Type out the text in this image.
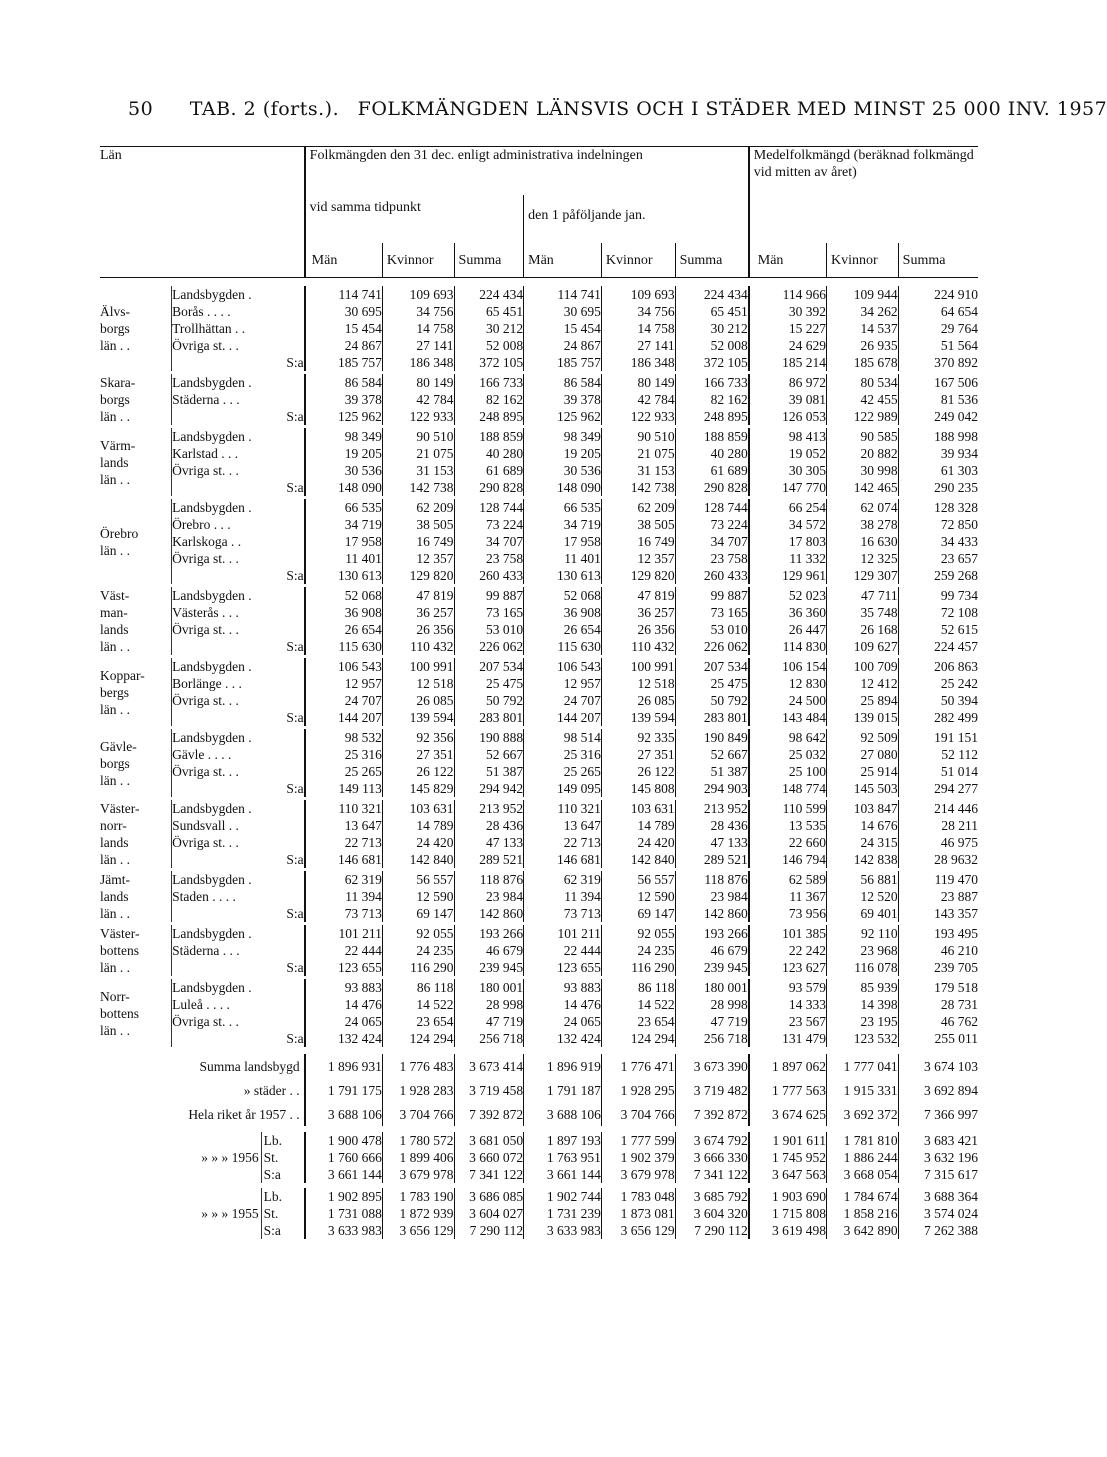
50 TAB. 2 (forts.). FOLKMÄNGDEN LÄNSVIS OCH I STÄDER MED MINST 25 000 INV. 1957
Län		Folkmängden den 31 dec. enligt administrativa indelningen						Medelfolkmängd (beräknad folkmängd vid mitten av året)		
		vid samma tidpunkt			den 1 påföljande jan.					
		Män	Kvinnor	Summa	Män	Kvinnor	Summa	Män	Kvinnor	Summa

Älvs-
borgs
län . .	Landsbygden .	114 741	109 693	224 434	114 741	109 693	224 434	114 966	109 944	224 910
	Borås . . . .	30 695	34 756	65 451	30 695	34 756	65 451	30 392	34 262	64 654
	Trollhättan . .	15 454	14 758	30 212	15 454	14 758	30 212	15 227	14 537	29 764
	Övriga st. . .	24 867	27 141	52 008	24 867	27 141	52 008	24 629	26 935	51 564
	S:a	185 757	186 348	372 105	185 757	186 348	372 105	185 214	185 678	370 892

Skara-
borgs
län . .	Landsbygden .	86 584	80 149	166 733	86 584	80 149	166 733	86 972	80 534	167 506
	Städerna . . .	39 378	42 784	82 162	39 378	42 784	82 162	39 081	42 455	81 536
	S:a	125 962	122 933	248 895	125 962	122 933	248 895	126 053	122 989	249 042

Värm-
lands
län . .	Landsbygden .	98 349	90 510	188 859	98 349	90 510	188 859	98 413	90 585	188 998
	Karlstad . . .	19 205	21 075	40 280	19 205	21 075	40 280	19 052	20 882	39 934
	Övriga st. . .	30 536	31 153	61 689	30 536	31 153	61 689	30 305	30 998	61 303
	S:a	148 090	142 738	290 828	148 090	142 738	290 828	147 770	142 465	290 235

Örebro
län . .	Landsbygden .	66 535	62 209	128 744	66 535	62 209	128 744	66 254	62 074	128 328
	Örebro . . .	34 719	38 505	73 224	34 719	38 505	73 224	34 572	38 278	72 850
	Karlskoga . .	17 958	16 749	34 707	17 958	16 749	34 707	17 803	16 630	34 433
	Övriga st. . .	11 401	12 357	23 758	11 401	12 357	23 758	11 332	12 325	23 657
	S:a	130 613	129 820	260 433	130 613	129 820	260 433	129 961	129 307	259 268

Väst-
man-
lands
län . .	Landsbygden .	52 068	47 819	99 887	52 068	47 819	99 887	52 023	47 711	99 734
	Västerås . . .	36 908	36 257	73 165	36 908	36 257	73 165	36 360	35 748	72 108
	Övriga st. . .	26 654	26 356	53 010	26 654	26 356	53 010	26 447	26 168	52 615
	S:a	115 630	110 432	226 062	115 630	110 432	226 062	114 830	109 627	224 457

Koppar-
bergs
län . .	Landsbygden .	106 543	100 991	207 534	106 543	100 991	207 534	106 154	100 709	206 863
	Borlänge . . .	12 957	12 518	25 475	12 957	12 518	25 475	12 830	12 412	25 242
	Övriga st. . .	24 707	26 085	50 792	24 707	26 085	50 792	24 500	25 894	50 394
	S:a	144 207	139 594	283 801	144 207	139 594	283 801	143 484	139 015	282 499

Gävle-
borgs
län . .	Landsbygden .	98 532	92 356	190 888	98 514	92 335	190 849	98 642	92 509	191 151
	Gävle . . . .	25 316	27 351	52 667	25 316	27 351	52 667	25 032	27 080	52 112
	Övriga st. . .	25 265	26 122	51 387	25 265	26 122	51 387	25 100	25 914	51 014
	S:a	149 113	145 829	294 942	149 095	145 808	294 903	148 774	145 503	294 277

Väster-
norr-
lands
län . .	Landsbygden .	110 321	103 631	213 952	110 321	103 631	213 952	110 599	103 847	214 446
	Sundsvall . .	13 647	14 789	28 436	13 647	14 789	28 436	13 535	14 676	28 211
	Övriga st. . .	22 713	24 420	47 133	22 713	24 420	47 133	22 660	24 315	46 975
	S:a	146 681	142 840	289 521	146 681	142 840	289 521	146 794	142 838	28 9632

Jämt-
lands
län . .	Landsbygden .	62 319	56 557	118 876	62 319	56 557	118 876	62 589	56 881	119 470
	Staden . . . .	11 394	12 590	23 984	11 394	12 590	23 984	11 367	12 520	23 887
	S:a	73 713	69 147	142 860	73 713	69 147	142 860	73 956	69 401	143 357

Väster-
bottens
län . .	Landsbygden .	101 211	92 055	193 266	101 211	92 055	193 266	101 385	92 110	193 495
	Städerna . . .	22 444	24 235	46 679	22 444	24 235	46 679	22 242	23 968	46 210
	S:a	123 655	116 290	239 945	123 655	116 290	239 945	123 627	116 078	239 705

Norr-
bottens
län . .	Landsbygden .	93 883	86 118	180 001	93 883	86 118	180 001	93 579	85 939	179 518
	Luleå . . . .	14 476	14 522	28 998	14 476	14 522	28 998	14 333	14 398	28 731
	Övriga st. . .	24 065	23 654	47 719	24 065	23 654	47 719	23 567	23 195	46 762
	S:a	132 424	124 294	256 718	132 424	124 294	256 718	131 479	123 532	255 011

Summa landsbygd		1 896 931	1 776 483	3 673 414	1 896 919	1 776 471	3 673 390	1 897 062	1 777 041	3 674 103
» städer . .		1 791 175	1 928 283	3 719 458	1 791 187	1 928 295	3 719 482	1 777 563	1 915 331	3 692 894
Hela riket år 1957 . .		3 688 106	3 704 766	7 392 872	3 688 106	3 704 766	7 392 872	3 674 625	3 692 372	7 366 997

Lb.		1 900 478	1 780 572	3 681 050	1 897 193	1 777 599	3 674 792	1 901 611	1 781 810	3 683 421
» » » 1956 St.		1 760 666	1 899 406	3 660 072	1 763 951	1 902 379	3 666 330	1 745 952	1 886 244	3 632 196
S:a		3 661 144	3 679 978	7 341 122	3 661 144	3 679 978	7 341 122	3 647 563	3 668 054	7 315 617

Lb.		1 902 895	1 783 190	3 686 085	1 902 744	1 783 048	3 685 792	1 903 690	1 784 674	3 688 364
» » » 1955 St.		1 731 088	1 872 939	3 604 027	1 731 239	1 873 081	3 604 320	1 715 808	1 858 216	3 574 024
S:a		3 633 983	3 656 129	7 290 112	3 633 983	3 656 129	7 290 112	3 619 498	3 642 890	7 262 388
